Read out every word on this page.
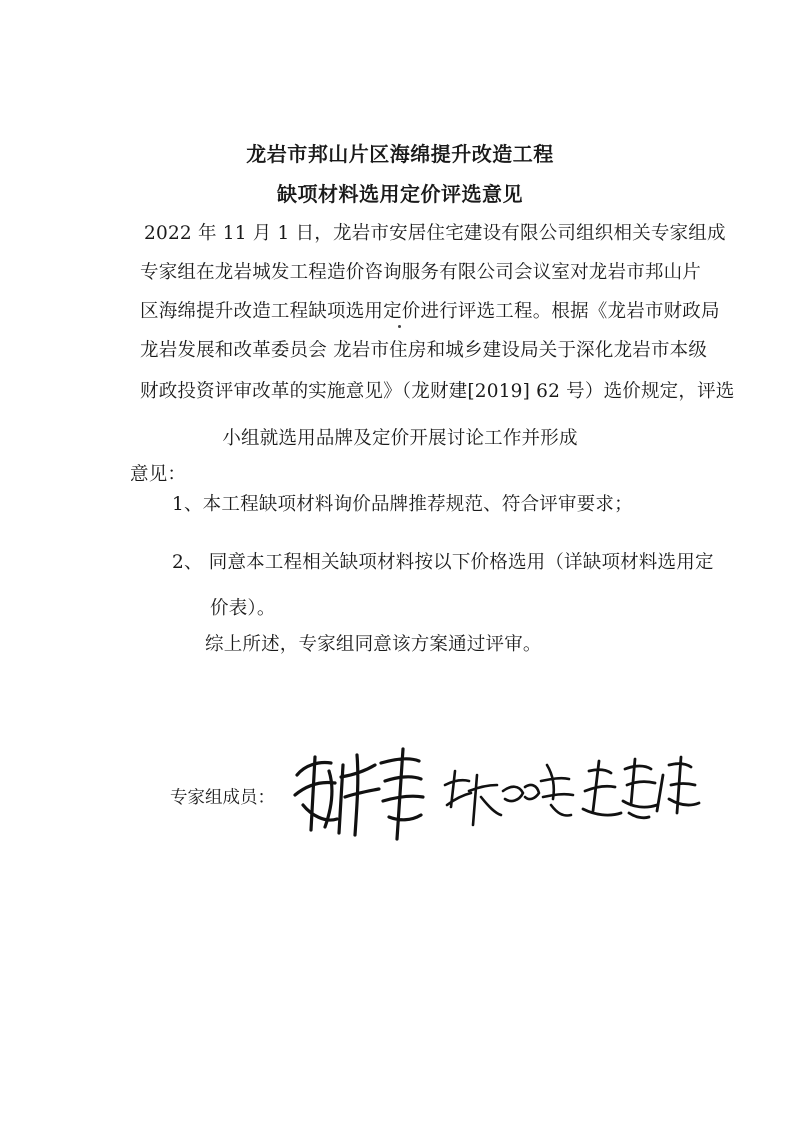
龙岩市邦山片区海绵提升改造工程
缺项材料选用定价评选意见
2022 年 11 月 1 日，龙岩市安居住宅建设有限公司组织相关专家组成
专家组在龙岩城发工程造价咨询服务有限公司会议室对龙岩市邦山片
区海绵提升改造工程缺项选用定价进行评选工程。根据《龙岩市财政局
龙岩发展和改革委员会 龙岩市住房和城乡建设局关于深化龙岩市本级
财政投资评审改革的实施意见》（龙财建[2019] 62 号）选价规定，评选
小组就选用品牌及定价开展讨论工作并形成
意见：
1、本工程缺项材料询价品牌推荐规范、符合评审要求；
2、 同意本工程相关缺项材料按以下价格选用（详缺项材料选用定
价表）。
综上所述，专家组同意该方案通过评审。
专家组成员：
